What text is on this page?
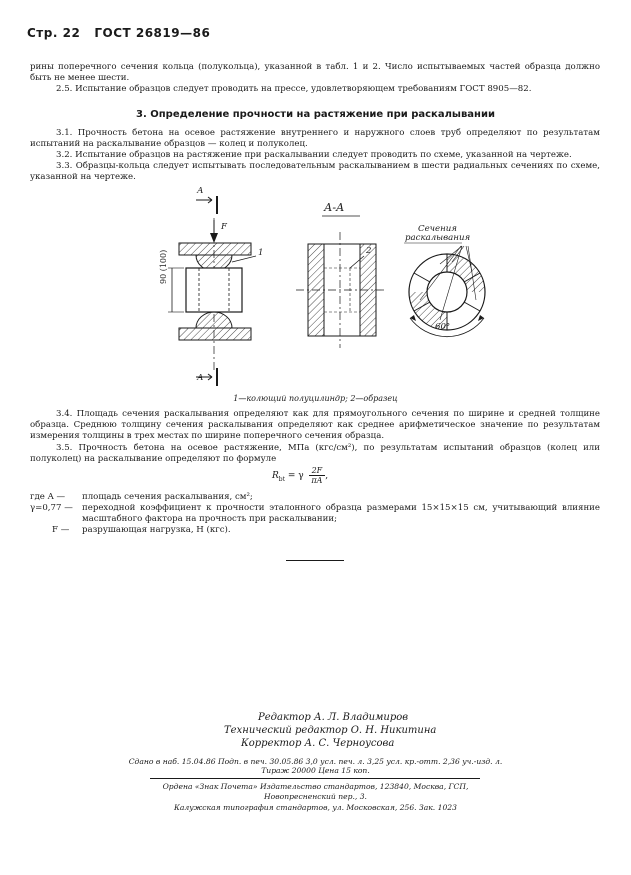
Стр. 22 ГОСТ 26819—86
рины поперечного сечения кольца (полукольца), указанной в табл. 1 и 2. Число испытываемых частей образца должно быть не менее шести.
2.5. Испытание образцов следует проводить на прессе, удовлетворяющем требованиям ГОСТ 8905—82.
3. Определение прочности на растяжение при раскалывании
3.1. Прочность бетона на осевое растяжение внутреннего и наружного слоев труб определяют по результатам испытаний на раскалывание образцов — колец и полуколец.
3.2. Испытание образцов на растяжение при раскалывании следует проводить по схеме, указанной на чертеже.
3.3. Образцы-кольца следует испытывать последовательным раскалыванием в шести радиальных сечениях по схеме, указанной на чертеже.
А
F
1
90 (100)
А
А-А
2
Сечения
раскалывания
60°
1—колющий полуцилиндр; 2—образец
3.4. Площадь сечения раскалывания определяют как для прямоугольного сечения по ширине и средней толщине образца. Среднюю толщину сечения раскалывания определяют как среднее арифметическое значение по результатам измерения толщины в трех местах по ширине поперечного сечения образца.
3.5. Прочность бетона на осевое растяжение, МПа (кгс/см²), по результатам испытаний образцов (колец или полуколец) на раскалывание определяют по формуле
$R_{bt} = \gamma \frac{2F}{\pi A}$ ,
где A — площадь сечения раскалывания, см²;
γ=0,77 — переходной коэффициент к прочности эталонного образца размерами 15×15×15 см, учитывающий влияние масштабного фактора на прочность при раскалывании;
F — разрушающая нагрузка, Н (кгс).
Редактор А. Л. Владимиров
Технический редактор О. Н. Никитина
Корректор А. С. Черноусова
Сдано в наб. 15.04.86 Подп. в печ. 30.05.86 3,0 усл. печ. л. 3,25 усл. кр.-отт. 2,36 уч.-изд. л.
Тираж 20000 Цена 15 коп.
Ордена «Знак Почета» Издательство стандартов, 123840, Москва, ГСП,
Новопресненский пер., 3.
Калужская типография стандартов, ул. Московская, 256. Зак. 1023
